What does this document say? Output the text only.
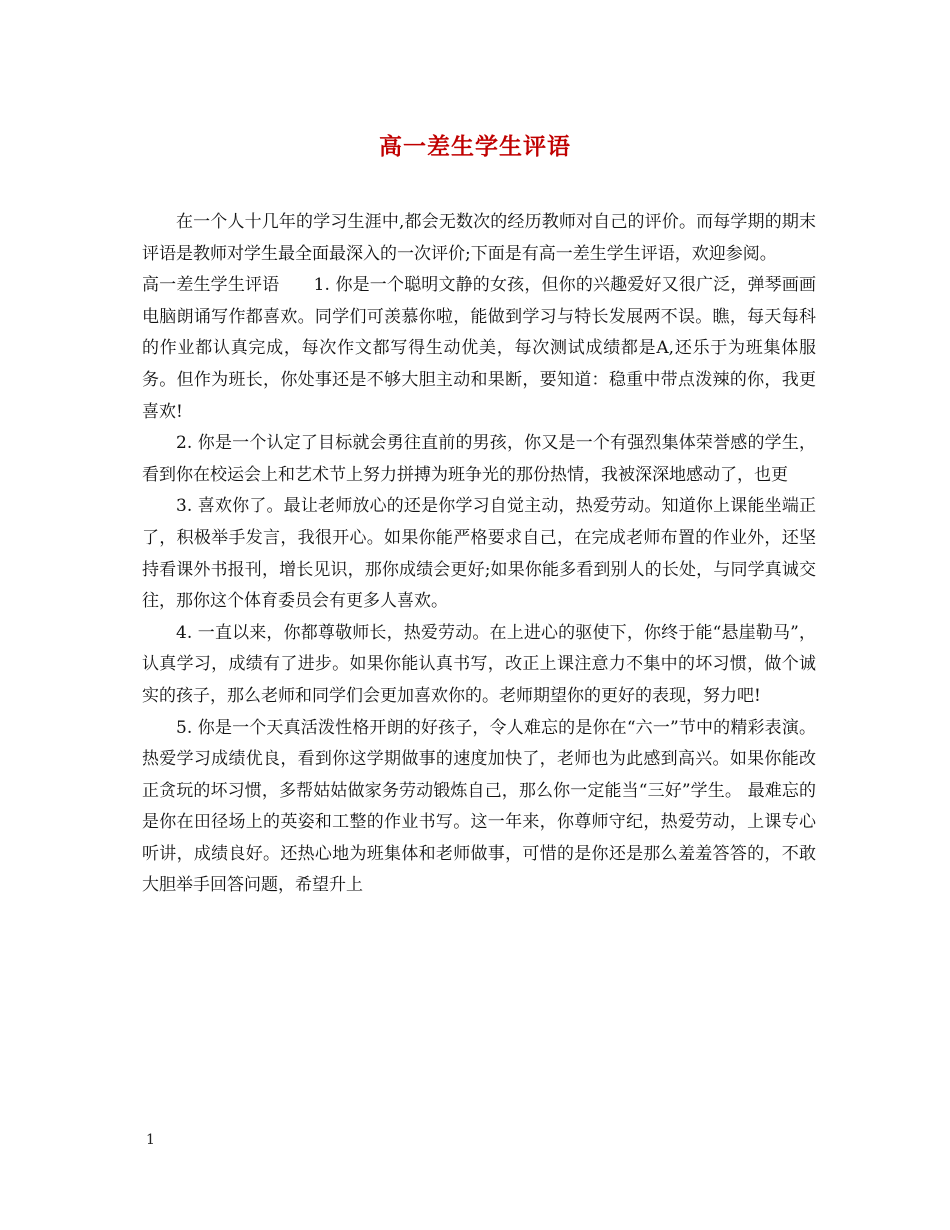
高一差生学生评语

在一个人十几年的学习生涯中,都会无数次的经历教师对自己的评价。而每学期的期末评语是教师对学生最全面最深入的一次评价;下面是有高一差生学生评语，欢迎参阅。

高一差生学生评语　　1. 你是一个聪明文静的女孩，但你的兴趣爱好又很广泛，弹琴画画电脑朗诵写作都喜欢。同学们可羡慕你啦，能做到学习与特长发展两不误。瞧，每天每科的作业都认真完成，每次作文都写得生动优美，每次测试成绩都是A,还乐于为班集体服务。但作为班长，你处事还是不够大胆主动和果断，要知道：稳重中带点泼辣的你，我更喜欢!

2. 你是一个认定了目标就会勇往直前的男孩，你又是一个有强烈集体荣誉感的学生，看到你在校运会上和艺术节上努力拼搏为班争光的那份热情，我被深深地感动了，也更

3. 喜欢你了。最让老师放心的还是你学习自觉主动，热爱劳动。知道你上课能坐端正了，积极举手发言，我很开心。如果你能严格要求自己，在完成老师布置的作业外，还坚持看课外书报刊，增长见识，那你成绩会更好;如果你能多看到别人的长处，与同学真诚交往，那你这个体育委员会有更多人喜欢。

4. 一直以来，你都尊敬师长，热爱劳动。在上进心的驱使下，你终于能“悬崖勒马”，认真学习，成绩有了进步。如果你能认真书写，改正上课注意力不集中的坏习惯，做个诚实的孩子，那么老师和同学们会更加喜欢你的。老师期望你的更好的表现，努力吧!

5. 你是一个天真活泼性格开朗的好孩子，令人难忘的是你在“六一”节中的精彩表演。热爱学习成绩优良，看到你这学期做事的速度加快了，老师也为此感到高兴。如果你能改正贪玩的坏习惯，多帮姑姑做家务劳动锻炼自己，那么你一定能当“三好”学生。 最难忘的是你在田径场上的英姿和工整的作业书写。这一年来，你尊师守纪，热爱劳动，上课专心听讲，成绩良好。还热心地为班集体和老师做事，可惜的是你还是那么羞羞答答的，不敢大胆举手回答问题，希望升上

1
